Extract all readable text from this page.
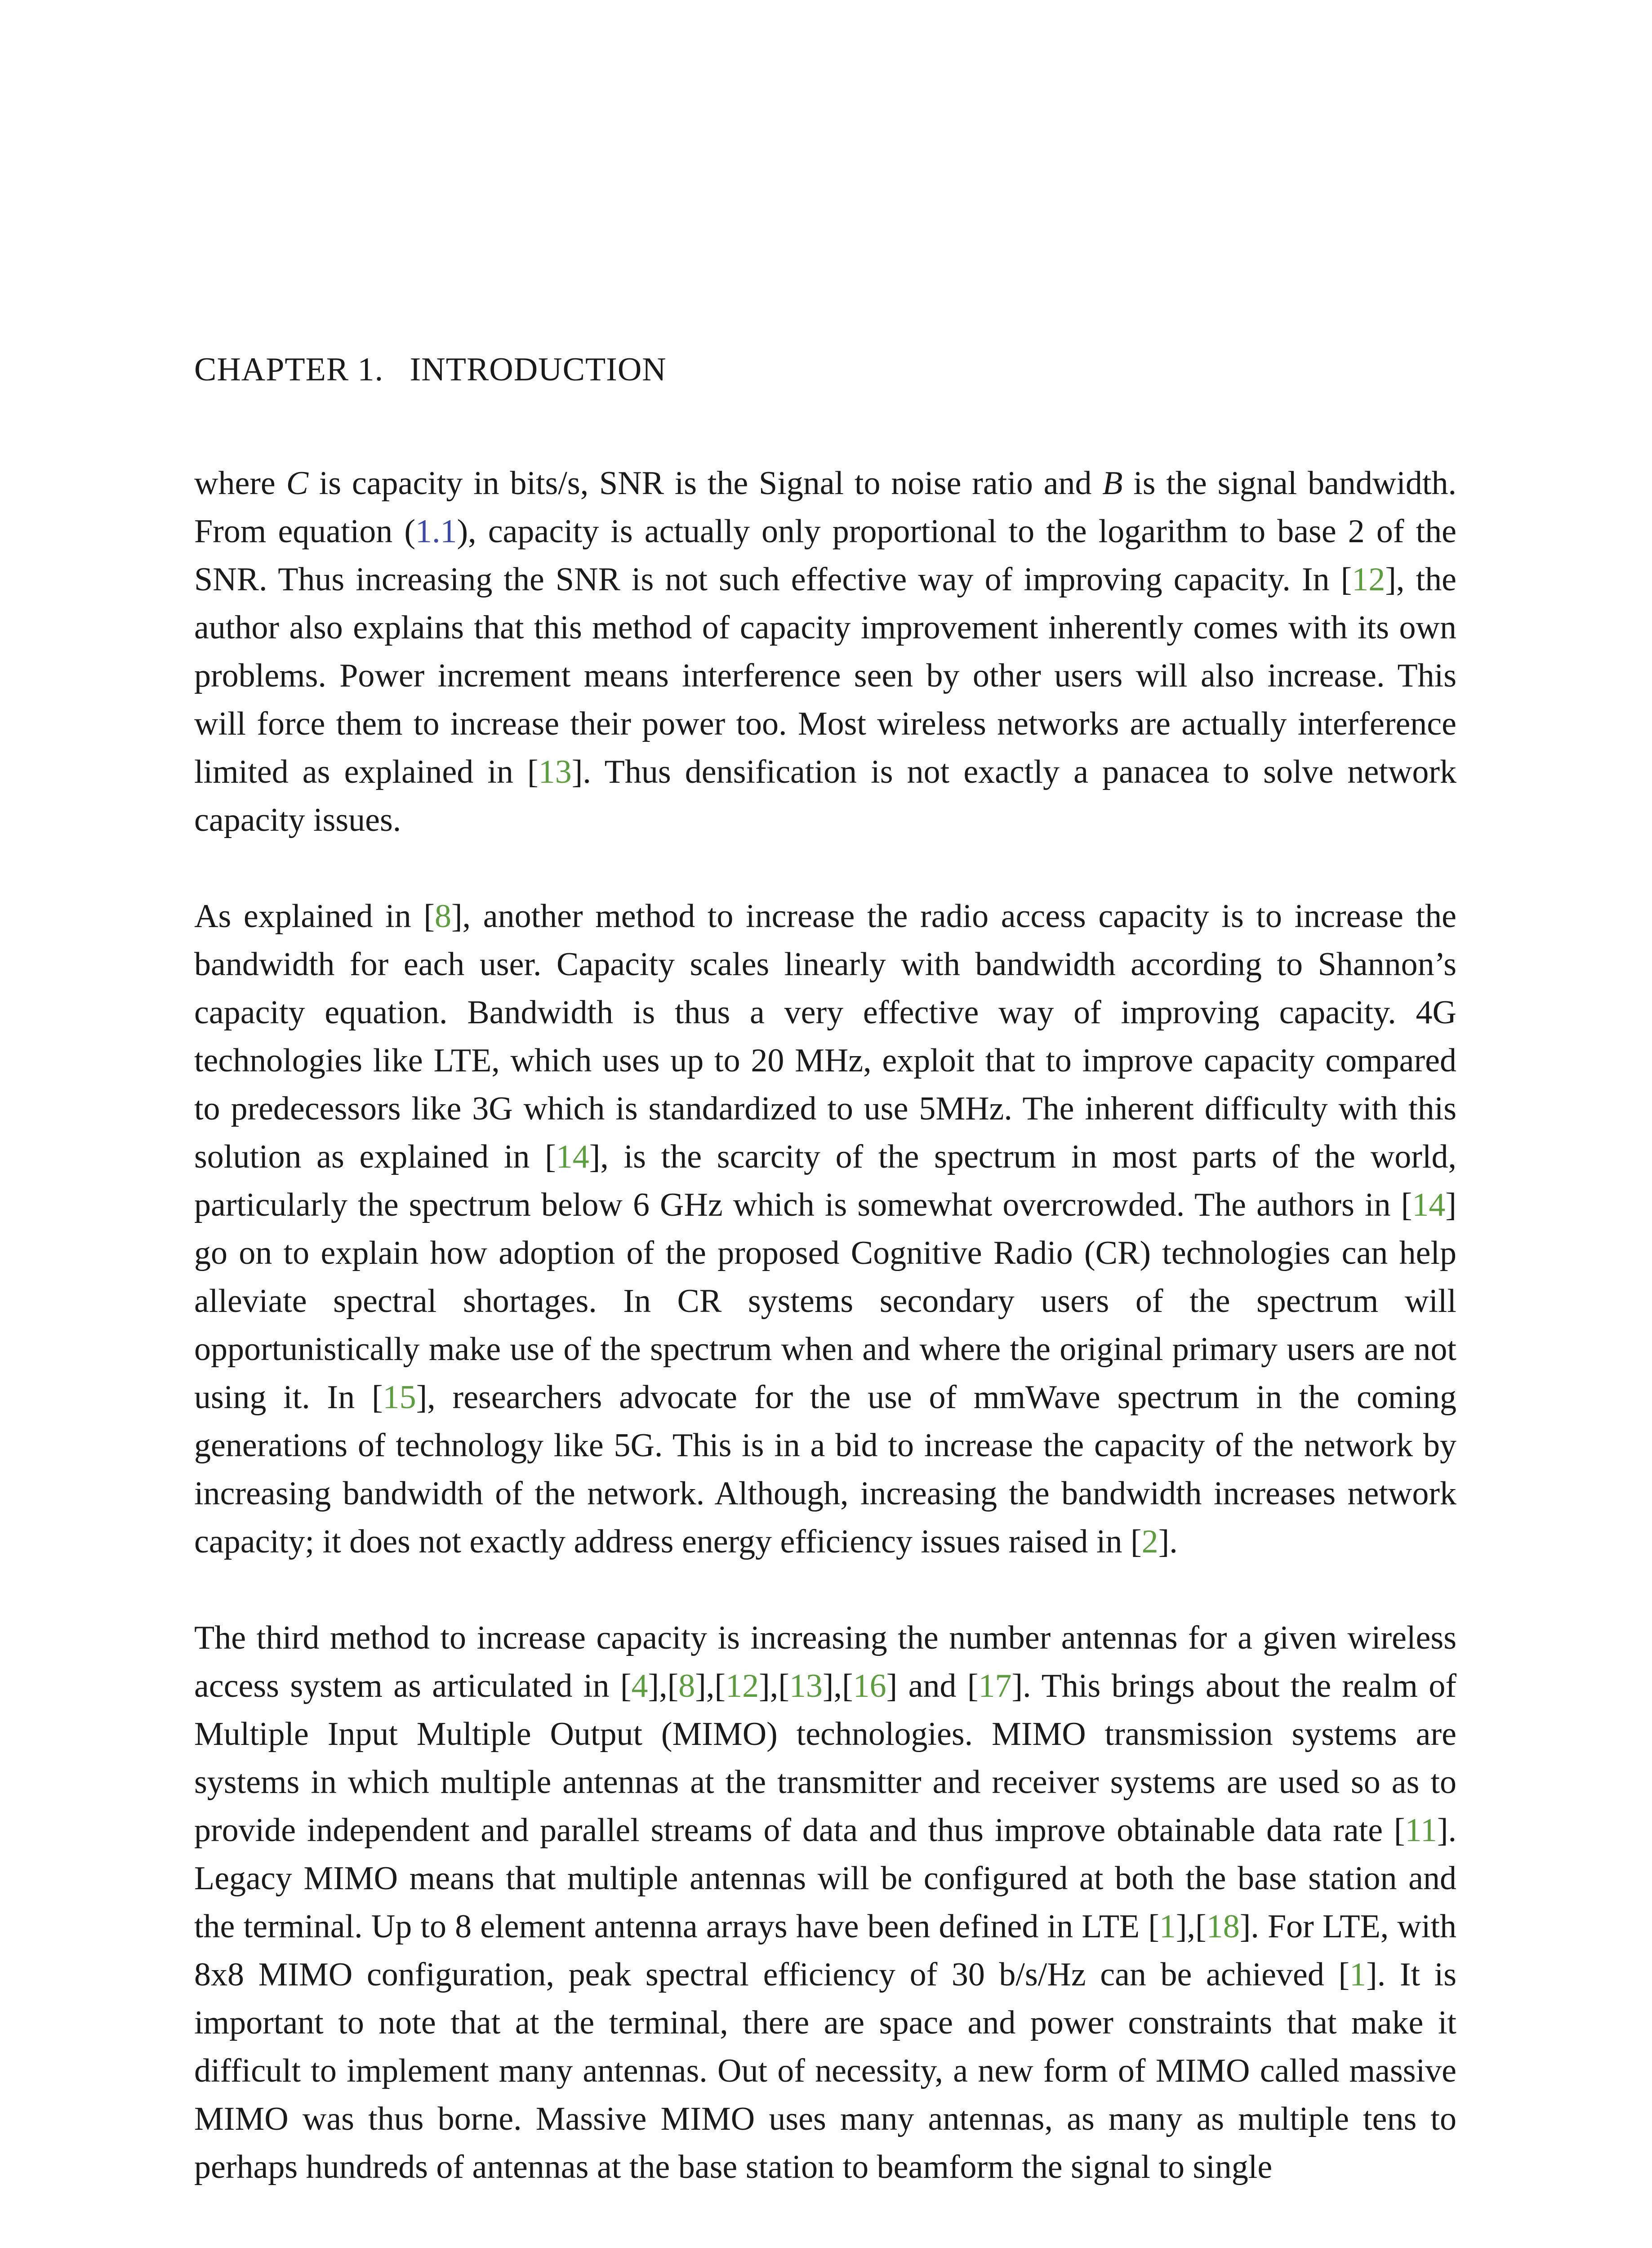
CHAPTER 1.   INTRODUCTION

where C is capacity in bits/s, SNR is the Signal to noise ratio and B is the signal bandwidth. From equation (1.1), capacity is actually only proportional to the logarithm to base 2 of the SNR. Thus increasing the SNR is not such effective way of improving capacity. In [12], the author also explains that this method of capacity improvement inherently comes with its own problems. Power increment means interference seen by other users will also increase. This will force them to increase their power too. Most wireless networks are actually interference limited as explained in [13]. Thus densification is not exactly a panacea to solve network capacity issues.

As explained in [8], another method to increase the radio access capacity is to increase the bandwidth for each user. Capacity scales linearly with bandwidth according to Shannon’s capacity equation. Bandwidth is thus a very effective way of improving capacity. 4G technologies like LTE, which uses up to 20 MHz, exploit that to improve capacity compared to predecessors like 3G which is standardized to use 5MHz. The inherent difficulty with this solution as explained in [14], is the scarcity of the spectrum in most parts of the world, particularly the spectrum below 6 GHz which is somewhat overcrowded. The authors in [14] go on to explain how adoption of the proposed Cognitive Radio (CR) technologies can help alleviate spectral shortages. In CR systems secondary users of the spectrum will opportunistically make use of the spectrum when and where the original primary users are not using it. In [15], researchers advocate for the use of mmWave spectrum in the coming generations of technology like 5G. This is in a bid to increase the capacity of the network by increasing bandwidth of the network. Although, increasing the bandwidth increases network capacity; it does not exactly address energy efficiency issues raised in [2].

The third method to increase capacity is increasing the number antennas for a given wireless access system as articulated in [4],[8],[12],[13],[16] and [17]. This brings about the realm of Multiple Input Multiple Output (MIMO) technologies. MIMO transmission systems are systems in which multiple antennas at the transmitter and receiver systems are used so as to provide independent and parallel streams of data and thus improve obtainable data rate [11]. Legacy MIMO means that multiple antennas will be configured at both the base station and the terminal. Up to 8 element antenna arrays have been defined in LTE [1],[18]. For LTE, with 8x8 MIMO configuration, peak spectral efficiency of 30 b/s/Hz can be achieved [1]. It is important to note that at the terminal, there are space and power constraints that make it difficult to implement many antennas. Out of necessity, a new form of MIMO called massive MIMO was thus borne. Massive MIMO uses many antennas, as many as multiple tens to perhaps hundreds of antennas at the base station to beamform the signal to single
